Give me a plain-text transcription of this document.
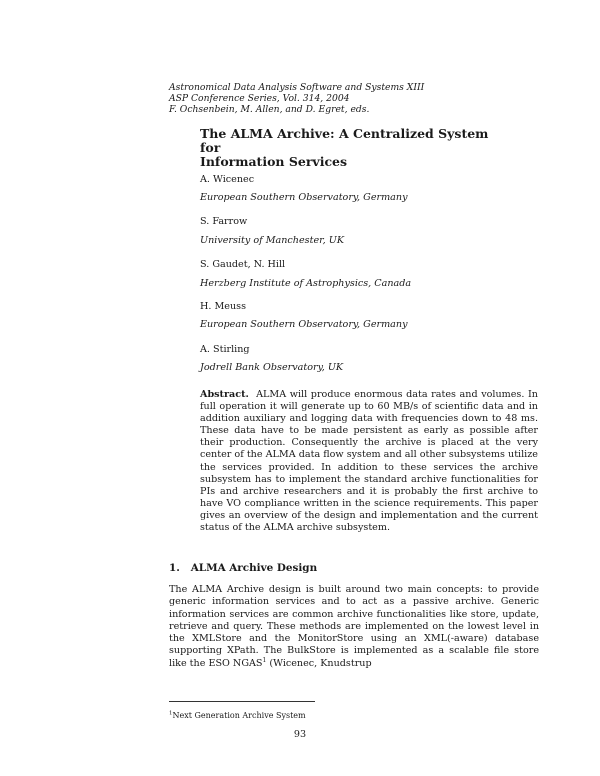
Astronomical Data Analysis Software and Systems XIII
ASP Conference Series, Vol. 314, 2004
F. Ochsenbein, M. Allen, and D. Egret, eds.
The ALMA Archive: A Centralized System for
Information Services
A. Wicenec
European Southern Observatory, Germany
S. Farrow
University of Manchester, UK
S. Gaudet, N. Hill
Herzberg Institute of Astrophysics, Canada
H. Meuss
European Southern Observatory, Germany
A. Stirling
Jodrell Bank Observatory, UK
Abstract. ALMA will produce enormous data rates and volumes. In full operation it will generate up to 60 MB/s of scientific data and in addition auxiliary and logging data with frequencies down to 48 ms. These data have to be made persistent as early as possible after their production. Consequently the archive is placed at the very center of the ALMA data flow system and all other subsystems utilize the services provided. In addition to these services the archive subsystem has to implement the standard archive functionalities for PIs and archive researchers and it is probably the first archive to have VO compliance written in the science requirements. This paper gives an overview of the design and implementation and the current status of the ALMA archive subsystem.
1.   ALMA Archive Design
The ALMA Archive design is built around two main concepts: to provide generic information services and to act as a passive archive. Generic information services are common archive functionalities like store, update, retrieve and query. These methods are implemented on the lowest level in the XMLStore and the MonitorStore using an XML(-aware) database supporting XPath. The BulkStore is implemented as a scalable file store like the ESO NGAS$^1$ (Wicenec, Knudstrup
$^1$Next Generation Archive System
93
